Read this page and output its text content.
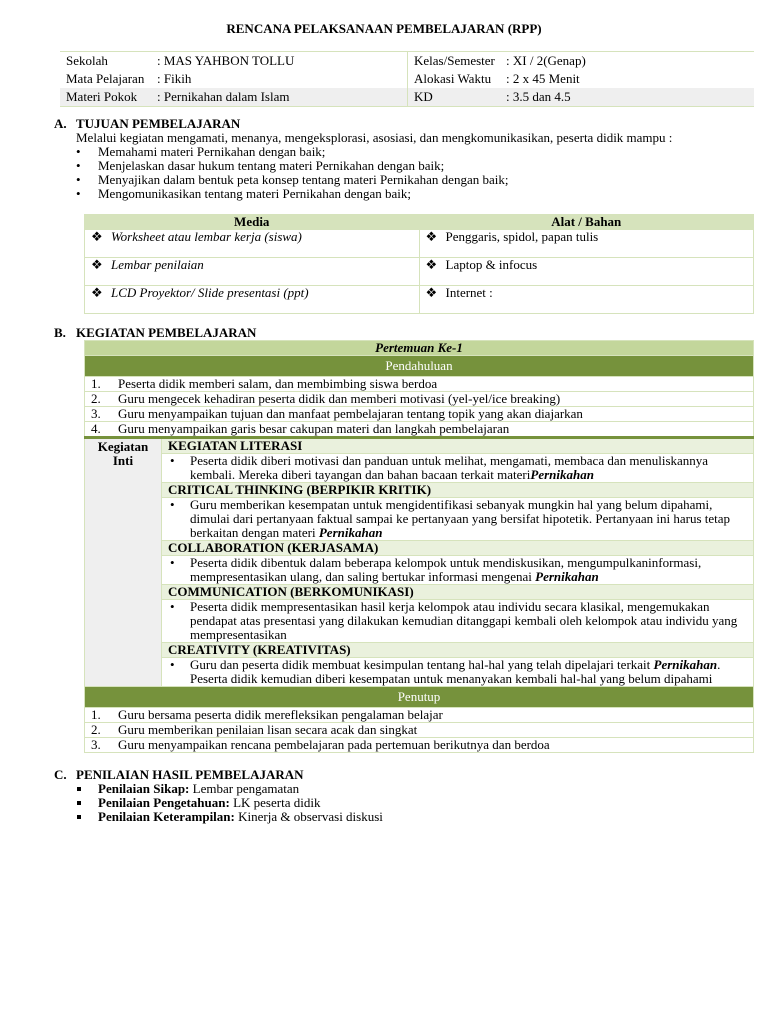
RENCANA PELAKSANAAN PEMBELAJARAN (RPP)
Sekolah : MAS YAHBON TOLLU	Kelas/Semester : XI / 2(Genap)
Mata Pelajaran : Fikih	Alokasi Waktu : 2 x 45 Menit
Materi Pokok : Pernikahan dalam Islam	KD : 3.5 dan 4.5
A. TUJUAN PEMBELAJARAN
Melalui kegiatan mengamati, menanya, mengeksplorasi, asosiasi, dan mengkomunikasikan, peserta didik mampu :
• Memahami materi Pernikahan dengan baik;
• Menjelaskan dasar hukum tentang materi Pernikahan dengan baik;
• Menyajikan dalam bentuk peta konsep tentang materi Pernikahan dengan baik;
• Mengomunikasikan tentang materi Pernikahan dengan baik;
Media	Alat / Bahan
❖ Worksheet atau lembar kerja (siswa)	❖ Penggaris, spidol, papan tulis
❖ Lembar penilaian	❖ Laptop & infocus
❖ LCD Proyektor/ Slide presentasi (ppt)	❖ Internet :
B. KEGIATAN PEMBELAJARAN
Pertemuan Ke-1
Pendahuluan
1. Peserta didik memberi salam, dan membimbing siswa berdoa
2. Guru mengecek kehadiran peserta didik dan memberi motivasi (yel-yel/ice breaking)
3. Guru menyampaikan tujuan dan manfaat pembelajaran tentang topik yang akan diajarkan
4. Guru menyampaikan garis besar cakupan materi dan langkah pembelajaran
Kegiatan
Inti	KEGIATAN LITERASI

• Peserta didik diberi motivasi dan panduan untuk melihat, mengamati, membaca dan menuliskannya kembali. Mereka diberi tayangan dan bahan bacaan terkait materiPernikahan

CRITICAL THINKING (BERPIKIR KRITIK)

• Guru memberikan kesempatan untuk mengidentifikasi sebanyak mungkin hal yang belum dipahami, dimulai dari pertanyaan faktual sampai ke pertanyaan yang bersifat hipotetik. Pertanyaan ini harus tetap berkaitan dengan materi Pernikahan

COLLABORATION (KERJASAMA)

• Peserta didik dibentuk dalam beberapa kelompok untuk mendiskusikan, mengumpulkaninformasi, mempresentasikan ulang, dan saling bertukar informasi mengenai Pernikahan

COMMUNICATION (BERKOMUNIKASI)

• Peserta didik mempresentasikan hasil kerja kelompok atau individu secara klasikal, mengemukakan pendapat atas presentasi yang dilakukan kemudian ditanggapi kembali oleh kelompok atau individu yang mempresentasikan

CREATIVITY (KREATIVITAS)

• Guru dan peserta didik membuat kesimpulan tentang hal-hal yang telah dipelajari terkait Pernikahan. Peserta didik kemudian diberi kesempatan untuk menanyakan kembali hal-hal yang belum dipahami

Penutup
1. Guru bersama peserta didik merefleksikan pengalaman belajar
2. Guru memberikan penilaian lisan secara acak dan singkat
3. Guru menyampaikan rencana pembelajaran pada pertemuan berikutnya dan berdoa
C. PENILAIAN HASIL PEMBELAJARAN
Penilaian Sikap: Lembar pengamatan
Penilaian Pengetahuan: LK peserta didik
Penilaian Keterampilan: Kinerja & observasi diskusi
